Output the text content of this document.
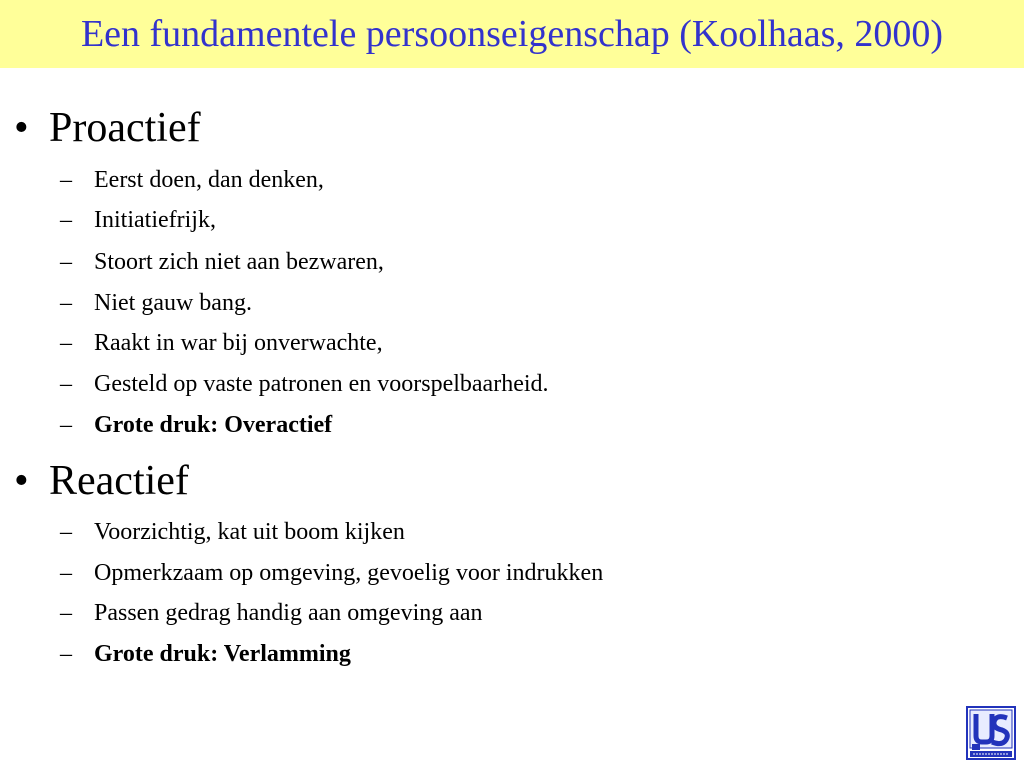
Een fundamentele persoonseigenschap (Koolhaas, 2000)
• Proactief
– Eerst doen, dan denken,
– Initiatiefrijk,
– Stoort zich niet aan bezwaren,
– Niet gauw bang.
– Raakt in war bij onverwachte,
– Gesteld op vaste patronen en voorspelbaarheid.
– Grote druk: Overactief
• Reactief
– Voorzichtig, kat uit boom kijken
– Opmerkzaam op omgeving, gevoelig voor indrukken
– Passen gedrag handig aan omgeving aan
– Grote druk: Verlamming
